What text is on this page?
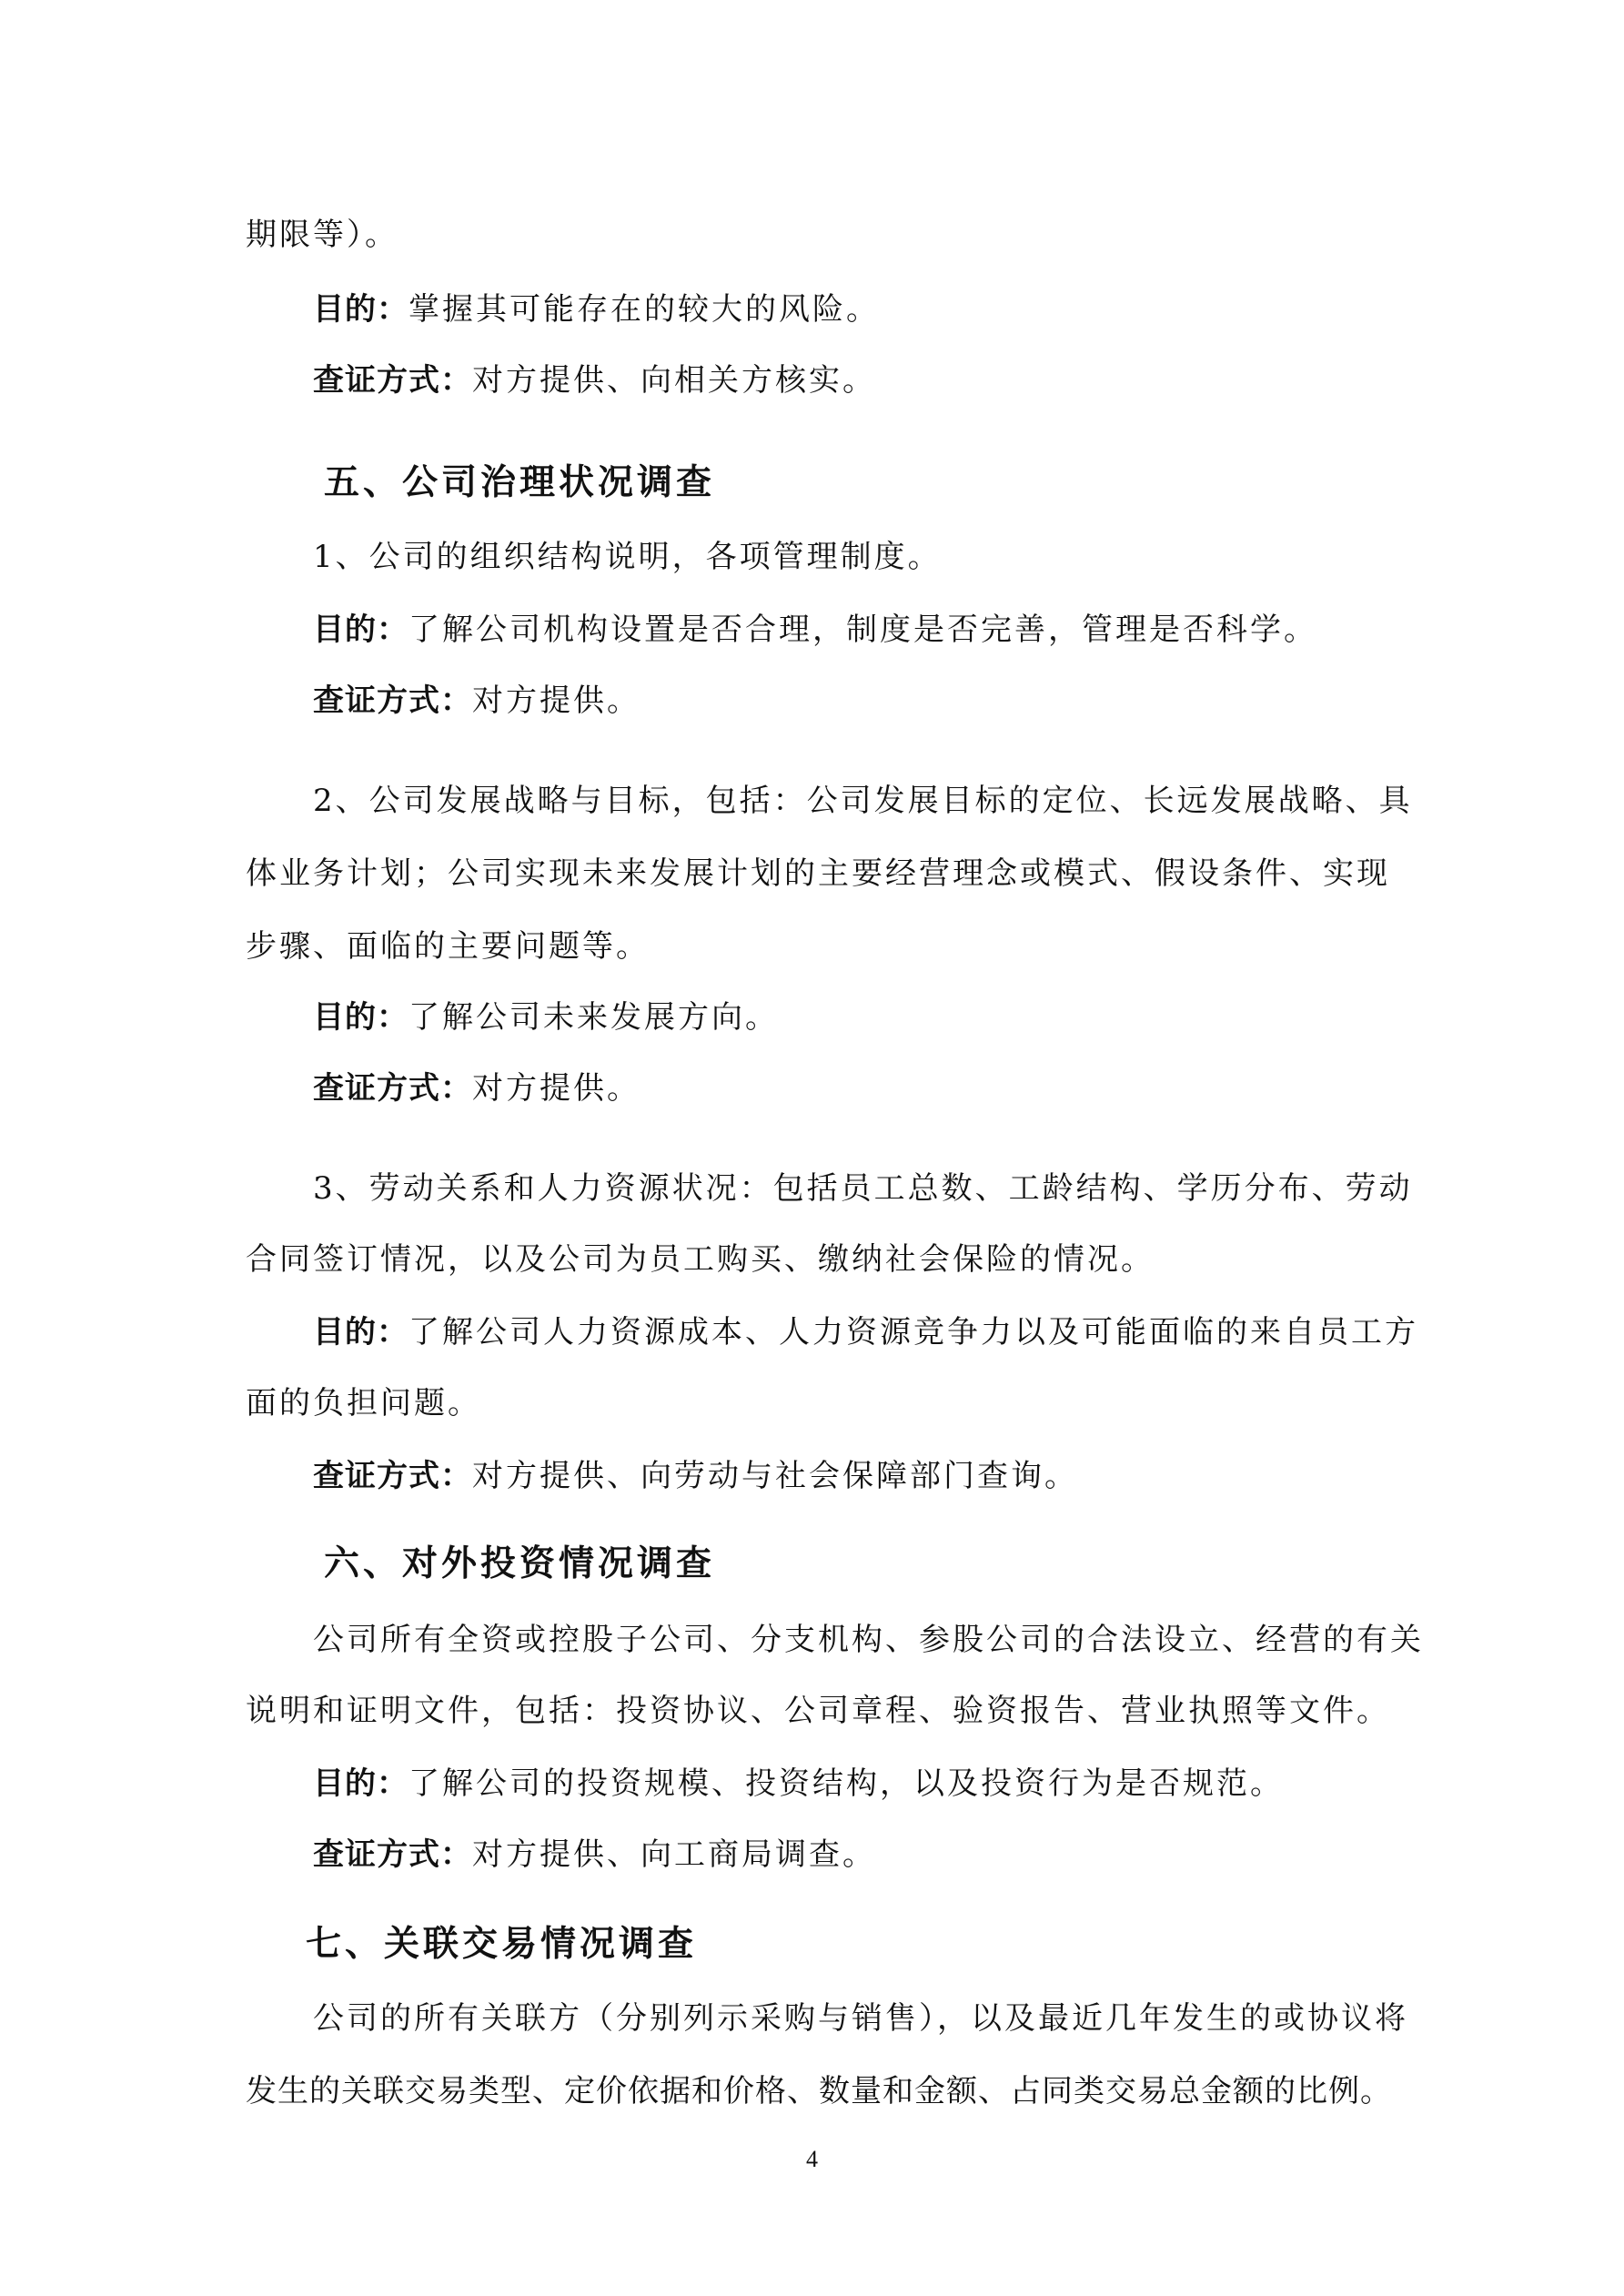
期限等）。
目的：掌握其可能存在的较大的风险。
查证方式：对方提供、向相关方核实。
五、公司治理状况调查
1、公司的组织结构说明，各项管理制度。
目的：了解公司机构设置是否合理，制度是否完善，管理是否科学。
查证方式：对方提供。
2、公司发展战略与目标，包括：公司发展目标的定位、长远发展战略、具
体业务计划；公司实现未来发展计划的主要经营理念或模式、假设条件、实现
步骤、面临的主要问题等。
目的：了解公司未来发展方向。
查证方式：对方提供。
3、劳动关系和人力资源状况：包括员工总数、工龄结构、学历分布、劳动
合同签订情况，以及公司为员工购买、缴纳社会保险的情况。
目的：了解公司人力资源成本、人力资源竞争力以及可能面临的来自员工方
面的负担问题。
查证方式：对方提供、向劳动与社会保障部门查询。
六、对外投资情况调查
公司所有全资或控股子公司、分支机构、参股公司的合法设立、经营的有关
说明和证明文件，包括：投资协议、公司章程、验资报告、营业执照等文件。
目的：了解公司的投资规模、投资结构，以及投资行为是否规范。
查证方式：对方提供、向工商局调查。
七、关联交易情况调查
公司的所有关联方（分别列示采购与销售），以及最近几年发生的或协议将
发生的关联交易类型、定价依据和价格、数量和金额、占同类交易总金额的比例。
4
